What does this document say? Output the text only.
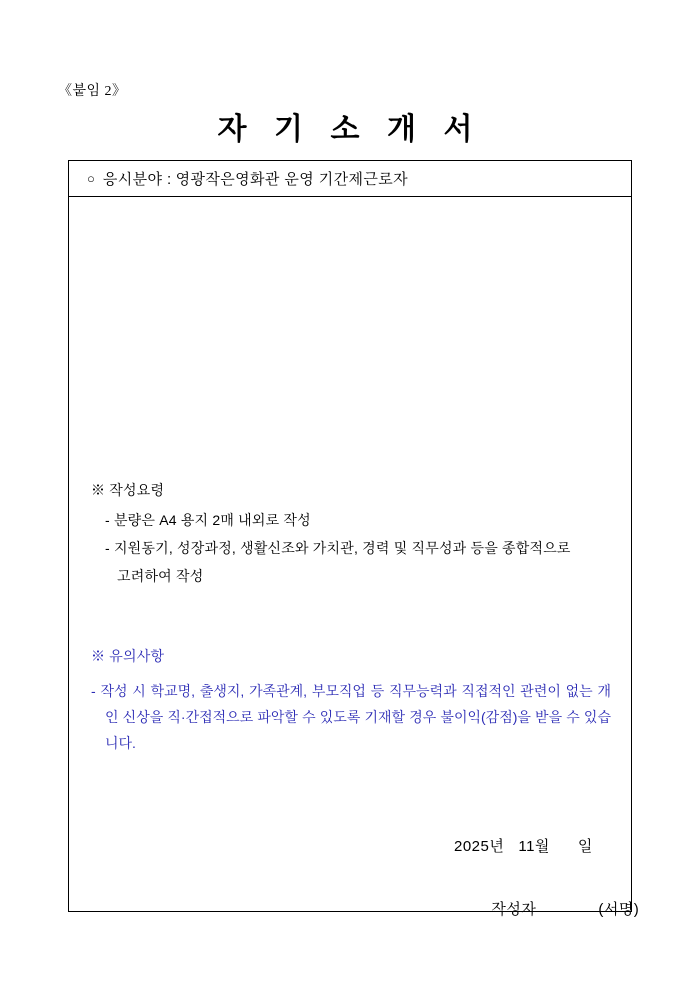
《붙임 2》
자 기 소 개 서
○ 응시분야 : 영광작은영화관 운영 기간제근로자
※ 작성요령
- 분량은 A4 용지 2매 내외로 작성
- 지원동기, 성장과정, 생활신조와 가치관, 경력 및 직무성과 등을 종합적으로
고려하여 작성
※ 유의사항
- 작성 시 학교명, 출생지, 가족관계, 부모직업 등 직무능력과 직접적인 관련이 없는 개인 신상을 직·간접적으로 파악할 수 있도록 기재할 경우 불이익(감점)을 받을 수 있습니다.
2025년   11월      일

작성자	(서명)
